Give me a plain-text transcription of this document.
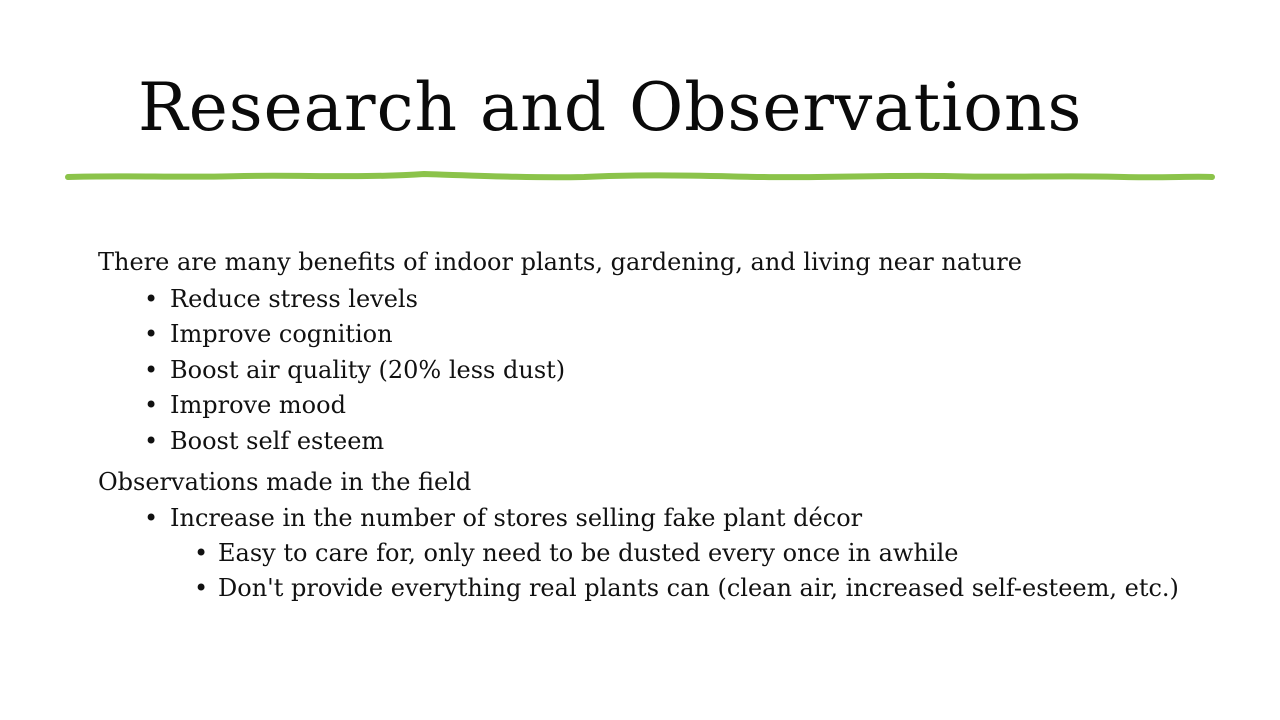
Research and Observations

There are many benefits of indoor plants, gardening, and living near nature

• Reduce stress levels
• Improve cognition
• Boost air quality (20% less dust)
• Improve mood
• Boost self esteem

Observations made in the field

• Increase in the number of stores selling fake plant décor
• Easy to care for, only need to be dusted every once in awhile
• Don't provide everything real plants can (clean air, increased self-esteem, etc.)
